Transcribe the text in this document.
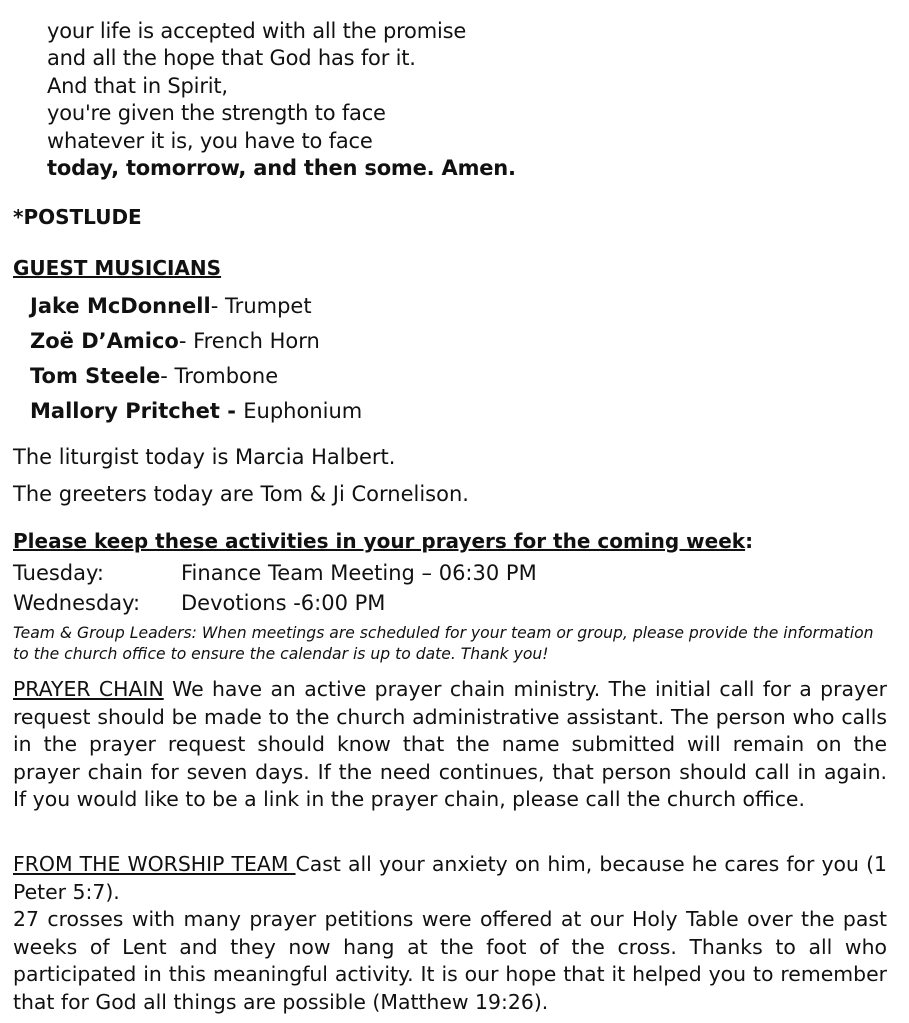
your life is accepted with all the promise
and all the hope that God has for it.
And that in Spirit,
you're given the strength to face
whatever it is, you have to face
today, tomorrow, and then some. Amen.
*POSTLUDE
GUEST MUSICIANS
Jake McDonnell- Trumpet
Zoë D’Amico- French Horn
Tom Steele- Trombone
Mallory Pritchet - Euphonium
The liturgist today is Marcia Halbert.
The greeters today are Tom & Ji Cornelison.
Please keep these activities in your prayers for the coming week:
Tuesday:	Finance Team Meeting – 06:30 PM
Wednesday:	Devotions -6:00 PM
Team & Group Leaders: When meetings are scheduled for your team or group, please provide the information to the church office to ensure the calendar is up to date. Thank you!
PRAYER CHAIN We have an active prayer chain ministry. The initial call for a prayer request should be made to the church administrative assistant. The person who calls in the prayer request should know that the name submitted will remain on the prayer chain for seven days. If the need continues, that person should call in again. If you would like to be a link in the prayer chain, please call the church office.
FROM THE WORSHIP TEAM Cast all your anxiety on him, because he cares for you (1 Peter 5:7).
27 crosses with many prayer petitions were offered at our Holy Table over the past weeks of Lent and they now hang at the foot of the cross. Thanks to all who participated in this meaningful activity. It is our hope that it helped you to remember that for God all things are possible (Matthew 19:26).
